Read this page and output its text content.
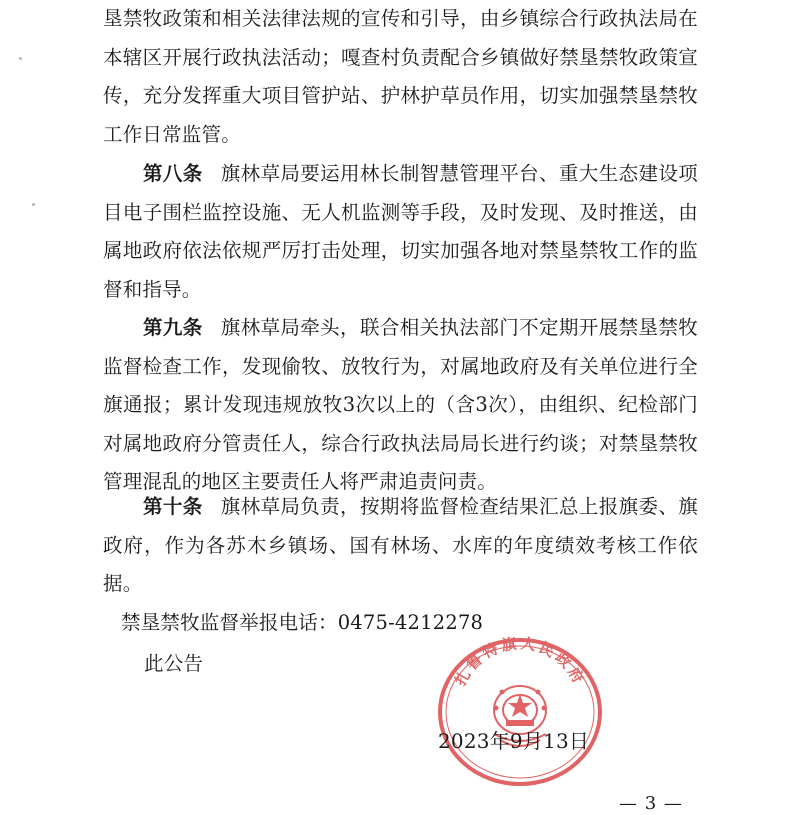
垦禁牧政策和相关法律法规的宣传和引导，由乡镇综合行政执法局在本辖区开展行政执法活动；嘎查村负责配合乡镇做好禁垦禁牧政策宣传，充分发挥重大项目管护站、护林护草员作用，切实加强禁垦禁牧工作日常监管。

第八条 旗林草局要运用林长制智慧管理平台、重大生态建设项目电子围栏监控设施、无人机监测等手段，及时发现、及时推送，由属地政府依法依规严厉打击处理，切实加强各地对禁垦禁牧工作的监督和指导。

第九条 旗林草局牵头，联合相关执法部门不定期开展禁垦禁牧监督检查工作，发现偷牧、放牧行为，对属地政府及有关单位进行全旗通报；累计发现违规放牧3次以上的（含3次），由组织、纪检部门对属地政府分管责任人，综合行政执法局局长进行约谈；对禁垦禁牧管理混乱的地区主要责任人将严肃追责问责。

第十条 旗林草局负责，按期将监督检查结果汇总上报旗委、旗政府，作为各苏木乡镇场、国有林场、水库的年度绩效考核工作依据。

禁垦禁牧监督举报电话：0475-4212278

此公告

扎鲁特旗人民政府

2023年9月13日

— 3 —
